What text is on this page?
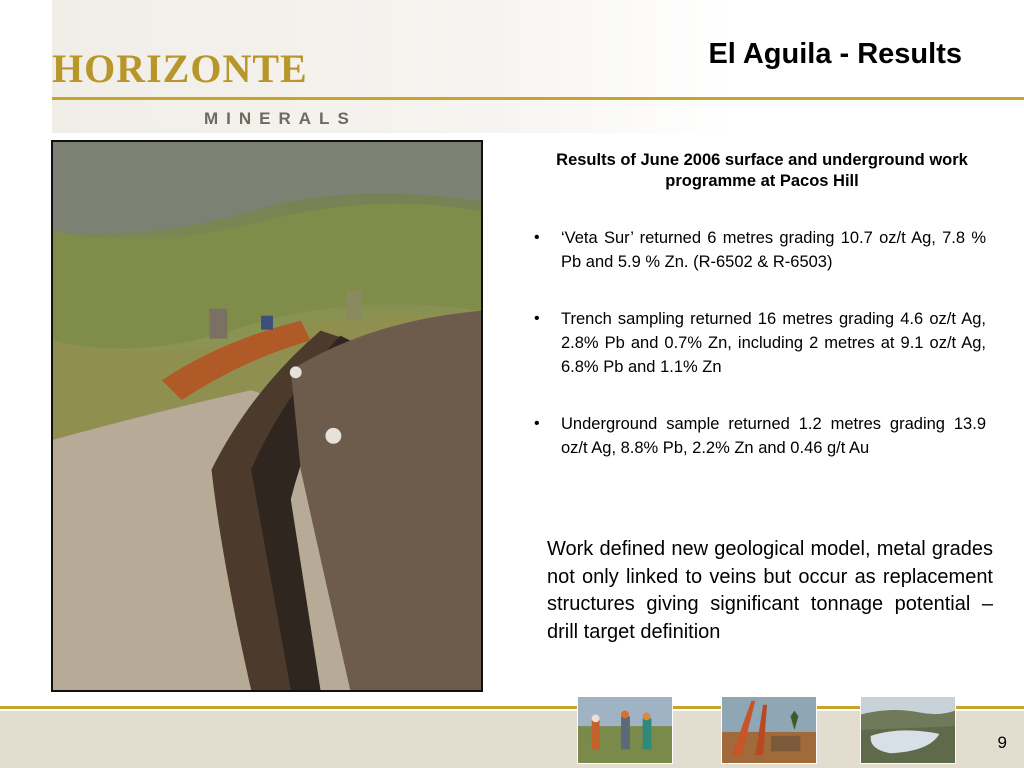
HORIZONTE
MINERALS
El Aguila - Results
Results of June 2006 surface and underground work programme at Pacos Hill
• ‘Veta Sur’ returned 6 metres grading 10.7 oz/t Ag, 7.8 % Pb and 5.9 % Zn. (R-6502 & R-6503)
• Trench sampling returned 16 metres grading 4.6 oz/t Ag, 2.8% Pb and 0.7% Zn, including 2 metres at 9.1 oz/t Ag, 6.8% Pb and 1.1% Zn
• Underground sample returned 1.2 metres grading 13.9 oz/t Ag, 8.8% Pb, 2.2% Zn and 0.46 g/t Au
Work defined new geological model, metal grades not only linked to veins but occur as replacement structures giving significant tonnage potential – drill target definition
9
